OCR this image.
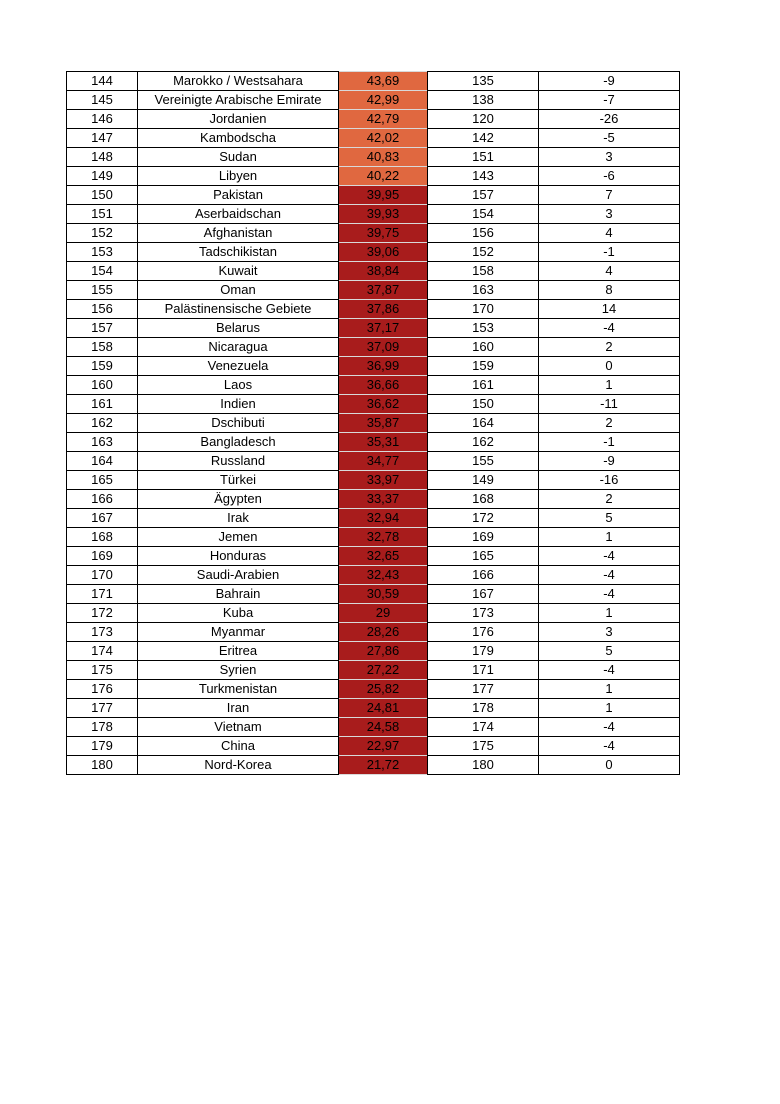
144	Marokko / Westsahara	43,69	135	-9
145	Vereinigte Arabische Emirate	42,99	138	-7
146	Jordanien	42,79	120	-26
147	Kambodscha	42,02	142	-5
148	Sudan	40,83	151	3
149	Libyen	40,22	143	-6
150	Pakistan	39,95	157	7
151	Aserbaidschan	39,93	154	3
152	Afghanistan	39,75	156	4
153	Tadschikistan	39,06	152	-1
154	Kuwait	38,84	158	4
155	Oman	37,87	163	8
156	Palästinensische Gebiete	37,86	170	14
157	Belarus	37,17	153	-4
158	Nicaragua	37,09	160	2
159	Venezuela	36,99	159	0
160	Laos	36,66	161	1
161	Indien	36,62	150	-11
162	Dschibuti	35,87	164	2
163	Bangladesch	35,31	162	-1
164	Russland	34,77	155	-9
165	Türkei	33,97	149	-16
166	Ägypten	33,37	168	2
167	Irak	32,94	172	5
168	Jemen	32,78	169	1
169	Honduras	32,65	165	-4
170	Saudi-Arabien	32,43	166	-4
171	Bahrain	30,59	167	-4
172	Kuba	29	173	1
173	Myanmar	28,26	176	3
174	Eritrea	27,86	179	5
175	Syrien	27,22	171	-4
176	Turkmenistan	25,82	177	1
177	Iran	24,81	178	1
178	Vietnam	24,58	174	-4
179	China	22,97	175	-4
180	Nord-Korea	21,72	180	0
